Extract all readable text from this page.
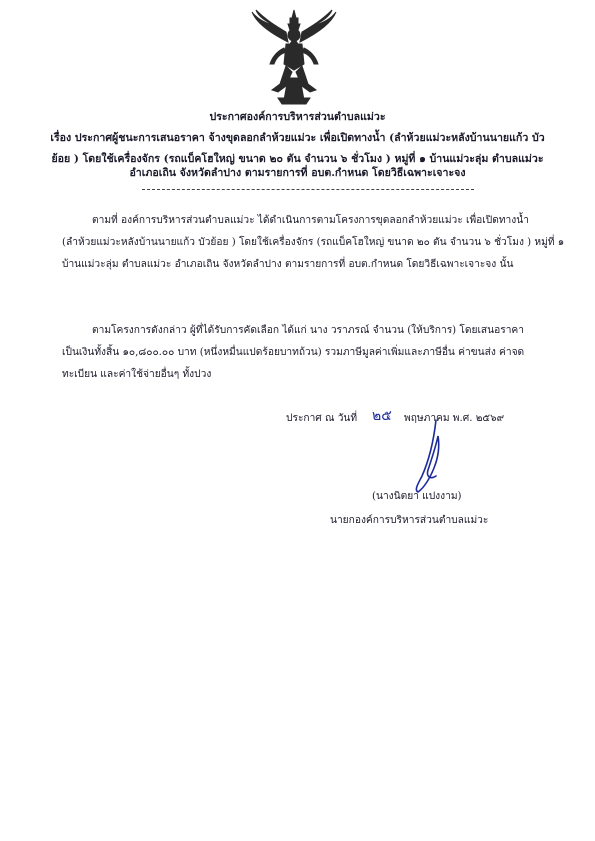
ประกาศองค์การบริหารส่วนตำบลแม่วะ
เรื่อง ประกาศผู้ชนะการเสนอราคา จ้างขุดลอกลำห้วยแม่วะ เพื่อเปิดทางน้ำ (ลำห้วยแม่วะหลังบ้านนายแก้ว บัว
ย้อย ) โดยใช้เครื่องจักร (รถแบ็คโฮใหญ่ ขนาด ๒๐ ตัน จำนวน ๖ ชั่วโมง ) หมู่ที่ ๑ บ้านแม่วะลุ่ม ตำบลแม่วะ
อำเภอเถิน จังหวัดลำปาง ตามรายการที่ อบต.กำหนด โดยวิธีเฉพาะเจาะจง
ตามที่ องค์การบริหารส่วนตำบลแม่วะ ได้ดำเนินการตามโครงการขุดลอกลำห้วยแม่วะ เพื่อเปิดทางน้ำ
(ลำห้วยแม่วะหลังบ้านนายแก้ว บัวย้อย ) โดยใช้เครื่องจักร (รถแบ็คโฮใหญ่ ขนาด ๒๐ ตัน จำนวน ๖ ชั่วโมง ) หมู่ที่ ๑
บ้านแม่วะลุ่ม ตำบลแม่วะ อำเภอเถิน จังหวัดลำปาง ตามรายการที่ อบต.กำหนด โดยวิธีเฉพาะเจาะจง นั้น
ตามโครงการดังกล่าว ผู้ที่ได้รับการคัดเลือก ได้แก่ นาง วราภรณ์ จำนวน (ให้บริการ) โดยเสนอราคา
เป็นเงินทั้งสิ้น ๑๐,๘๐๐.๐๐ บาท (หนึ่งหมื่นแปดร้อยบาทถ้วน) รวมภาษีมูลค่าเพิ่มและภาษีอื่น ค่าขนส่ง ค่าจด
ทะเบียน และค่าใช้จ่ายอื่นๆ ทั้งปวง
ประกาศ ณ วันที่ ๒๕ พฤษภาคม พ.ศ. ๒๕๖๙
(นางนิตยา แปงงาม)
นายกองค์การบริหารส่วนตำบลแม่วะ
